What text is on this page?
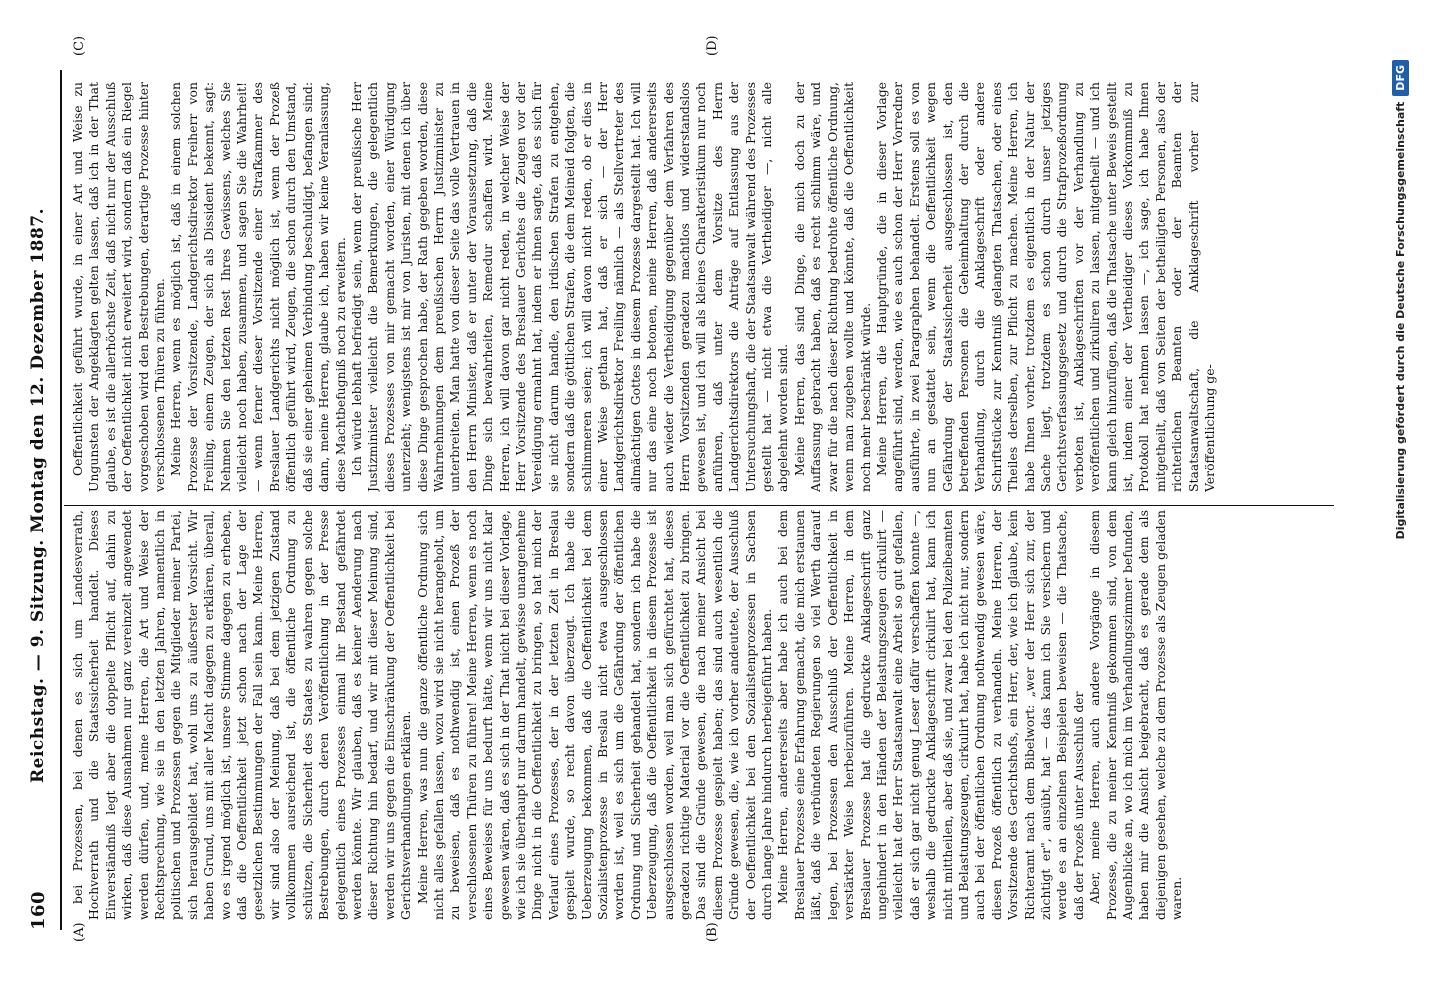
160
Reichstag. — 9. Sitzung. Montag den 12. Dezember 1887.
(A)	(B)
(C)	(D)

bei Prozessen, bei denen es sich um Landesverrath, Hochverrath und die Staatssicherheit handelt. Dieses Einverständniß legt aber die doppelte Pflicht auf, dahin zu wirken, daß diese Ausnahmen nur ganz vereinzelt angewendet werden dürfen, und, meine Herren, die Art und Weise der Rechtsprechung, wie sie in den letzten Jahren, namentlich in politischen und Prozessen gegen die Mitglieder meiner Partei, sich herausgebildet hat, wohl uns zu äußerster Vorsicht. Wir haben Grund, uns mit aller Macht dagegen zu erklären, überall, wo es irgend möglich ist, unsere Stimme dagegen zu erheben, daß die Oeffentlichkeit jetzt schon nach der Lage der gesetzlichen Bestimmungen der Fall sein kann. Meine Herren, wir sind also der Meinung, daß bei dem jetzigen Zustand vollkommen ausreichend ist, die öffentliche Ordnung zu schützen, die Sicherheit des Staates zu wahren gegen solche Bestrebungen, durch deren Veröffentlichung in der Presse gelegentlich eines Prozesses einmal ihr Bestand gefährdet werden könnte. Wir glauben, daß es keiner Aenderung nach dieser Richtung hin bedarf, und wir mit dieser Meinung sind, werden wir uns gegen die Einschränkung der Oeffentlichkeit bei Gerichtsverhandlungen erklären. Meine Herren, was nun die ganze öffentliche Ordnung sich nicht alles gefallen lassen, wozu wird sie nicht herangeholt, um zu beweisen, daß es nothwendig ist, einen Prozeß der verschlossenen Thüren zu führen! Meine Herren, wenn es noch eines Beweises für uns bedurft hätte, wenn wir uns nicht klar gewesen wären, daß es sich in der That nicht bei dieser Vorlage, wie ich sie überhaupt nur darum handelt, gewisse unangenehme Dinge nicht in die Oeffentlichkeit zu bringen, so hat mich der Verlauf eines Prozesses, der in der letzten Zeit in Breslau gespielt wurde, so recht davon überzeugt. Ich habe die Ueberzeugung bekommen, daß die Oeffentlichkeit bei dem Sozialistenprozesse in Breslau nicht etwa ausgeschlossen worden ist, weil es sich um die Gefährdung der öffentlichen Ordnung und Sicherheit gehandelt hat, sondern ich habe die Ueberzeugung, daß die Oeffentlichkeit in diesem Prozesse ist ausgeschlossen worden, weil man sich gefürchtet hat, dieses geradezu richtige Material vor die Oeffentlichkeit zu bringen. Das sind die Gründe gewesen, die nach meiner Ansicht bei diesem Prozesse gespielt haben; das sind auch wesentlich die Gründe gewesen, die, wie ich vorher andeutete, der Ausschluß der Oeffentlichkeit bei den Sozialistenprozessen in Sachsen durch lange Jahre hindurch herbeigeführt haben. Meine Herren, andererseits aber habe ich auch bei dem Breslauer Prozesse eine Erfahrung gemacht, die mich erstaunen läßt, daß die verbündeten Regierungen so viel Werth darauf legen, bei Prozessen den Ausschluß der Oeffentlichkeit in verstärkter Weise herbeizuführen. Meine Herren, in dem Breslauer Prozesse hat die gedruckte Anklageschrift ganz ungehindert in den Händen der Belastungszeugen cirkulirt — vielleicht hat der Herr Staatsanwalt eine Arbeit so gut gefallen, daß er sich gar nicht genug Leser dafür verschaffen konnte —, weshalb die gedruckte Anklageschrift cirkulirt hat, kann ich nicht mittheilen, aber daß sie, und zwar bei den Polizeibeamten und Belastungszeugen, cirkulirt hat, habe ich nicht nur, sondern auch bei der öffentlichen Ordnung nothwendig gewesen wäre, diesen Prozeß öffentlich zu verhandeln. Meine Herren, der Vorsitzende des Gerichtshofs, ein Herr, der, wie ich glaube, kein Richteramt nach dem Bibelwort: „wer der Herr sich zur, der züchtigt er", ausübt, hat — das kann ich Sie versichern und werde es an einzelnen Beispielen beweisen — die Thatsache, daß der Prozeß unter Ausschluß der Aber, meine Herren, auch andere Vorgänge in diesem Prozesse, die zu meiner Kenntniß gekommen sind, von dem Augenblicke an, wo ich mich im Verhandlungszimmer befunden, haben mir die Ansicht beigebracht, daß es gerade dem als diejenigen gesehen, welche zu dem Prozesse als Zeugen geladen waren.

Oeffentlichkeit geführt wurde, in einer Art und Weise zu Ungunsten der Angeklagten gelten lassen, daß ich in der That glaube, es ist die allerhöchste Zeit, daß nicht nur der Ausschluß der Oeffentlichkeit nicht erweitert wird, sondern daß ein Riegel vorgeschoben wird den Bestrebungen, derartige Prozesse hinter verschlossenen Thüren zu führen. Meine Herren, wenn es möglich ist, daß in einem solchen Prozesse der Vorsitzende, Landgerichtsdirektor Freiherr von Freiling, einem Zeugen, der sich als Dissident bekennt, sagt: Nehmen Sie den letzten Rest Ihres Gewissens, welches Sie vielleicht noch haben, zusammen, und sagen Sie die Wahrheit! — wenn ferner dieser Vorsitzende einer Strafkammer des Breslauer Landgerichts nicht möglich ist, wenn der Prozeß öffentlich geführt wird, Zeugen, die schon durch den Umstand, daß sie einer geheimen Verbindung beschuldigt, befangen sind: dann, meine Herren, glaube ich, haben wir keine Veranlassung, diese Machtbefugniß noch zu erweitern. Ich würde lebhaft befriedigt sein, wenn der preußische Herr Justizminister vielleicht die Bemerkungen, die gelegentlich dieses Prozesses von mir gemacht worden, einer Würdigung unterzieht; wenigstens ist mir von Juristen, mit denen ich über diese Dinge gesprochen habe, der Rath gegeben worden, diese Wahrnehmungen dem preußischen Herrn Justizminister zu unterbreiten. Man hatte von dieser Seite das volle Vertrauen in den Herrn Minister, daß er unter der Voraussetzung, daß die Dinge sich bewahrheiten, Remedur schaffen wird. Meine Herren, ich will davon gar nicht reden, in welcher Weise der Herr Vorsitzende des Breslauer Gerichtes die Zeugen vor der Vereidigung ermahnt hat, indem er ihnen sagte, daß es sich für sie nicht darum handle, den irdischen Strafen zu entgehen, sondern daß die göttlichen Strafen, die dem Meineid folgten, die schlimmeren seien; ich will davon nicht reden, ob er dies in einer Weise gethan hat, daß er sich — der Herr Landgerichtsdirektor Freiling nämlich — als Stellvertreter des allmächtigen Gottes in diesem Prozesse dargestellt hat. Ich will nur das eine noch betonen, meine Herren, daß andererseits auch wieder die Vertheidigung gegenüber dem Verfahren des Herrn Vorsitzenden geradezu machtlos und widerstandslos gewesen ist, und ich will als kleines Charakteristikum nur noch anführen, daß unter dem Vorsitze des Herrn Landgerichtsdirektors die Anträge auf Entlassung aus der Untersuchungshaft, die der Staatsanwalt während des Prozesses gestellt hat — nicht etwa die Vertheidiger —, nicht alle abgelehnt worden sind. Meine Herren, das sind Dinge, die mich doch zu der Auffassung gebracht haben, daß es recht schlimm wäre, und zwar für die nach dieser Richtung bedrohte öffentliche Ordnung, wenn man zugeben wollte und könnte, daß die Oeffentlichkeit noch mehr beschränkt würde. Meine Herren, die Hauptgründe, die in dieser Vorlage angeführt sind, werden, wie es auch schon der Herr Vorredner ausführte, in zwei Paragraphen behandelt. Erstens soll es von nun an gestattet sein, wenn die Oeffentlichkeit wegen Gefährdung der Staatssicherheit ausgeschlossen ist, den betreffenden Personen die Geheimhaltung der durch die Verhandlung, durch die Anklageschrift oder andere Schriftstücke zur Kenntniß gelangten Thatsachen, oder eines Theiles derselben, zur Pflicht zu machen. Meine Herren, ich habe Ihnen vorher, trotzdem es eigentlich in der Natur der Sache liegt, trotzdem es schon durch unser jetziges Gerichtsverfassungsgesetz und durch die Strafprozeßordnung verboten ist, Anklageschriften vor der Verhandlung zu veröffentlichen und zirkuliren zu lassen, mitgetheilt — und ich kann gleich hinzufügen, daß die Thatsache unter Beweis gestellt ist, indem einer der Vertheidiger dieses Vorkommniß zu Protokoll hat nehmen lassen —, ich sage, ich habe Ihnen mitgetheilt, daß von Seiten der betheiligten Personen, also der richterlichen Beamten oder der Beamten der Staatsanwaltschaft, die Anklageschrift vorher zur Veröffentlichung ge-	Digitalisierung gefördert durch die Deutsche Forschungsgemeinschaft
DFG
